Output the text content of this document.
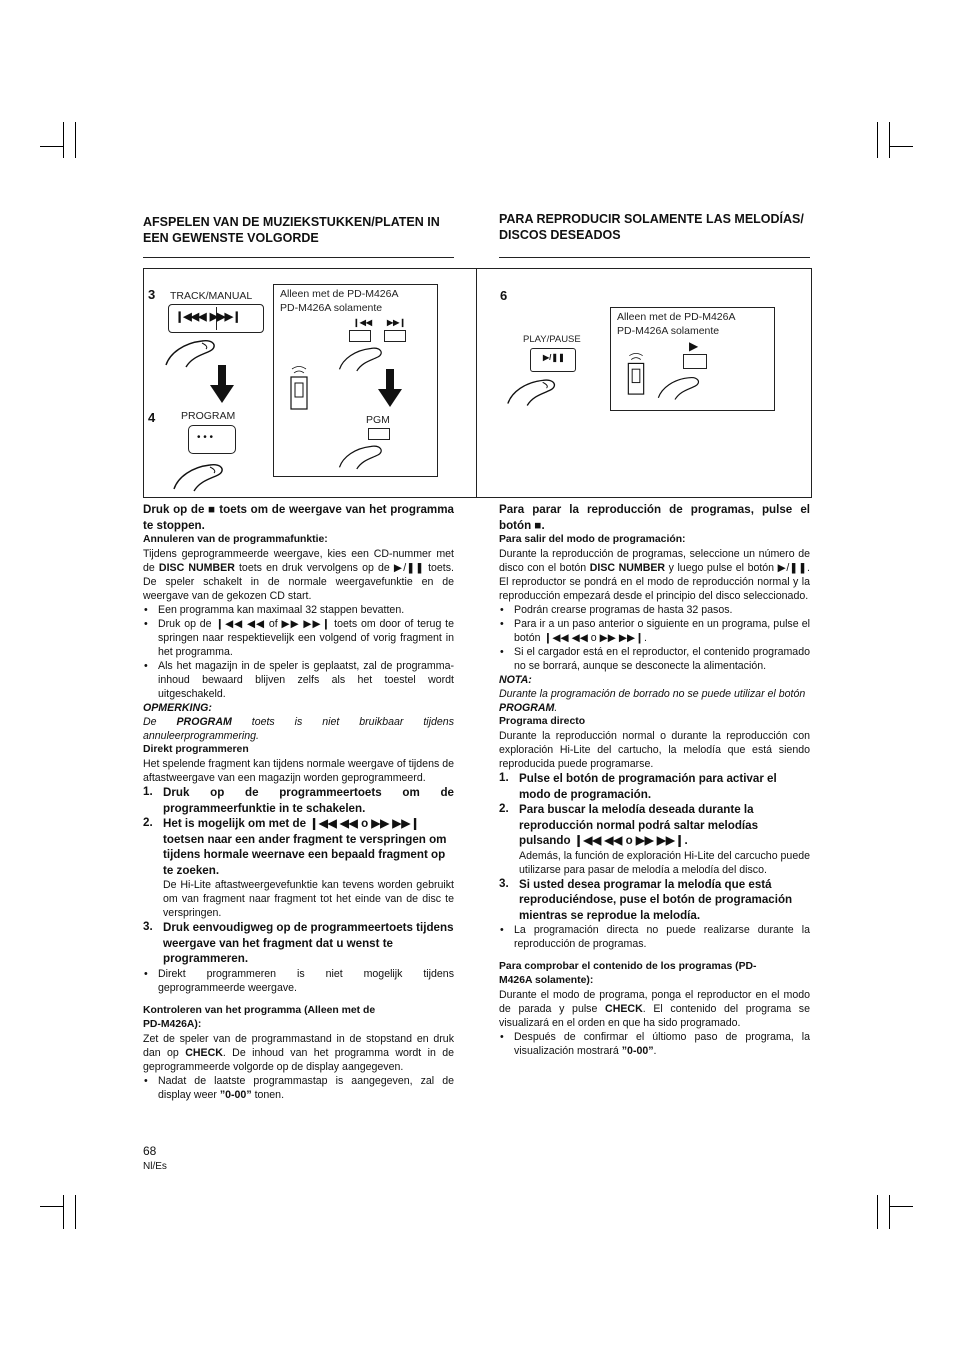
AFSPELEN VAN DE MUZIEKSTUKKEN/PLATEN IN
EEN GEWENSTE VOLGORDE
PARA REPRODUCIR SOLAMENTE LAS MELODÍAS/
DISCOS DESEADOS
3 TRACK/MANUAL
❙◀◀◀  ▶▶▶❙
4 PROGRAM
• • •
Alleen met de PD-M426A
PD-M426A solamente
❙◀◀ ▶▶❙
PGM
6
PLAY/PAUSE
▶/❚❚
Alleen met de PD-M426A
PD-M426A solamente
▶

Druk op de ■ toets om de weergave van het programma te stoppen.

Annuleren van de programmafunktie:

Tijdens geprogrammeerde weergave, kies een CD-nummer met de DISC NUMBER toets en druk vervolgens op de ▶/❚❚ toets. De speler schakelt in de normale weergavefunktie en de weergave van de gekozen CD start.

• Een programma kan maximaal 32 stappen bevatten.
• Druk op de ❙◀◀ ◀◀ of ▶▶ ▶▶❙ toets om door of terug te springen naar respektievelijk een volgend of vorig fragment in het programma.
• Als het magazijn in de speler is geplaatst, zal de programma-inhoud bewaard blijven zelfs als het toestel wordt uitgeschakeld.

OPMERKING:

De PROGRAM toets is niet bruikbaar tijdens annuleerprogrammering.

Direkt programmeren

Het spelende fragment kan tijdens normale weergave of tijdens de aftastweergave van een magazijn worden geprogrammeerd.

1. Druk op de programmeertoets om de programmeerfunktie in te schakelen.
2. Het is mogelijk om met de ❙◀◀ ◀◀ o ▶▶ ▶▶❙ toetsen naar een ander fragment te verspringen om tijdens hormale weernave een bepaald fragment op te zoeken.
De Hi-Lite aftastweergevefunktie kan tevens worden gebruikt om van fragment naar fragment tot het einde van de disc te verspringen.
3. Druk eenvoudigweg op de programmeertoets tijdens weergave van het fragment dat u wenst te programmeren.
• Direkt programmeren is niet mogelijk tijdens geprogrammeerde weergave.

Kontroleren van het programma (Alleen met de
PD-M426A):

Zet de speler van de programmastand in de stopstand en druk dan op CHECK. De inhoud van het programma wordt in de geprogrammeerde volgorde op de display aangegeven.

• Nadat de laatste programmastap is aangegeven, zal de display weer ”0-00” tonen.

Para parar la reproducción de programas, pulse el botón ■.

Para salir del modo de programación:

Durante la reproducción de programas, seleccione un número de disco con el botón DISC NUMBER y luego pulse el botón ▶/❚❚. El reproductor se pondrá en el modo de reproducción normal y la reproducción empezará desde el principio del disco seleccionado.

• Podrán crearse programas de hasta 32 pasos.
• Para ir a un paso anterior o siguiente en un programa, pulse el botón ❙◀◀ ◀◀ o ▶▶ ▶▶❙.
• Si el cargador está en el reproductor, el contenido programado no se borrará, aunque se desconecte la alimentación.

NOTA:

Durante la programación de borrado no se puede utilizar el botón PROGRAM.

Programa directo

Durante la reproducción normal o durante la reproducción con exploración Hi-Lite del cartucho, la melodía que está siendo reproducida puede programarse.

1. Pulse el botón de programación para activar el modo de programación.
2. Para buscar la melodía deseada durante la reproducción normal podrá saltar melodías pulsando ❙◀◀ ◀◀ o ▶▶ ▶▶❙.
Además, la función de exploración Hi-Lite del carcucho puede utilizarse para pasar de melodía a melodía del disco.
3. Si usted desea programar la melodía que está reproduciéndose, puse el botón de programación mientras se reprodue la melodía.
• La programación directa no puede realizarse durante la reproducción de programas.

Para comprobar el contenido de los programas (PD-
M426A solamente):

Durante el modo de programa, ponga el reproductor en el modo de parada y pulse CHECK. El contenido del programa se visualizará en el orden en que ha sido programado.

• Después de confirmar el últiomo paso de programa, la visualización mostrará ”0-00”.
68
Nl/Es
